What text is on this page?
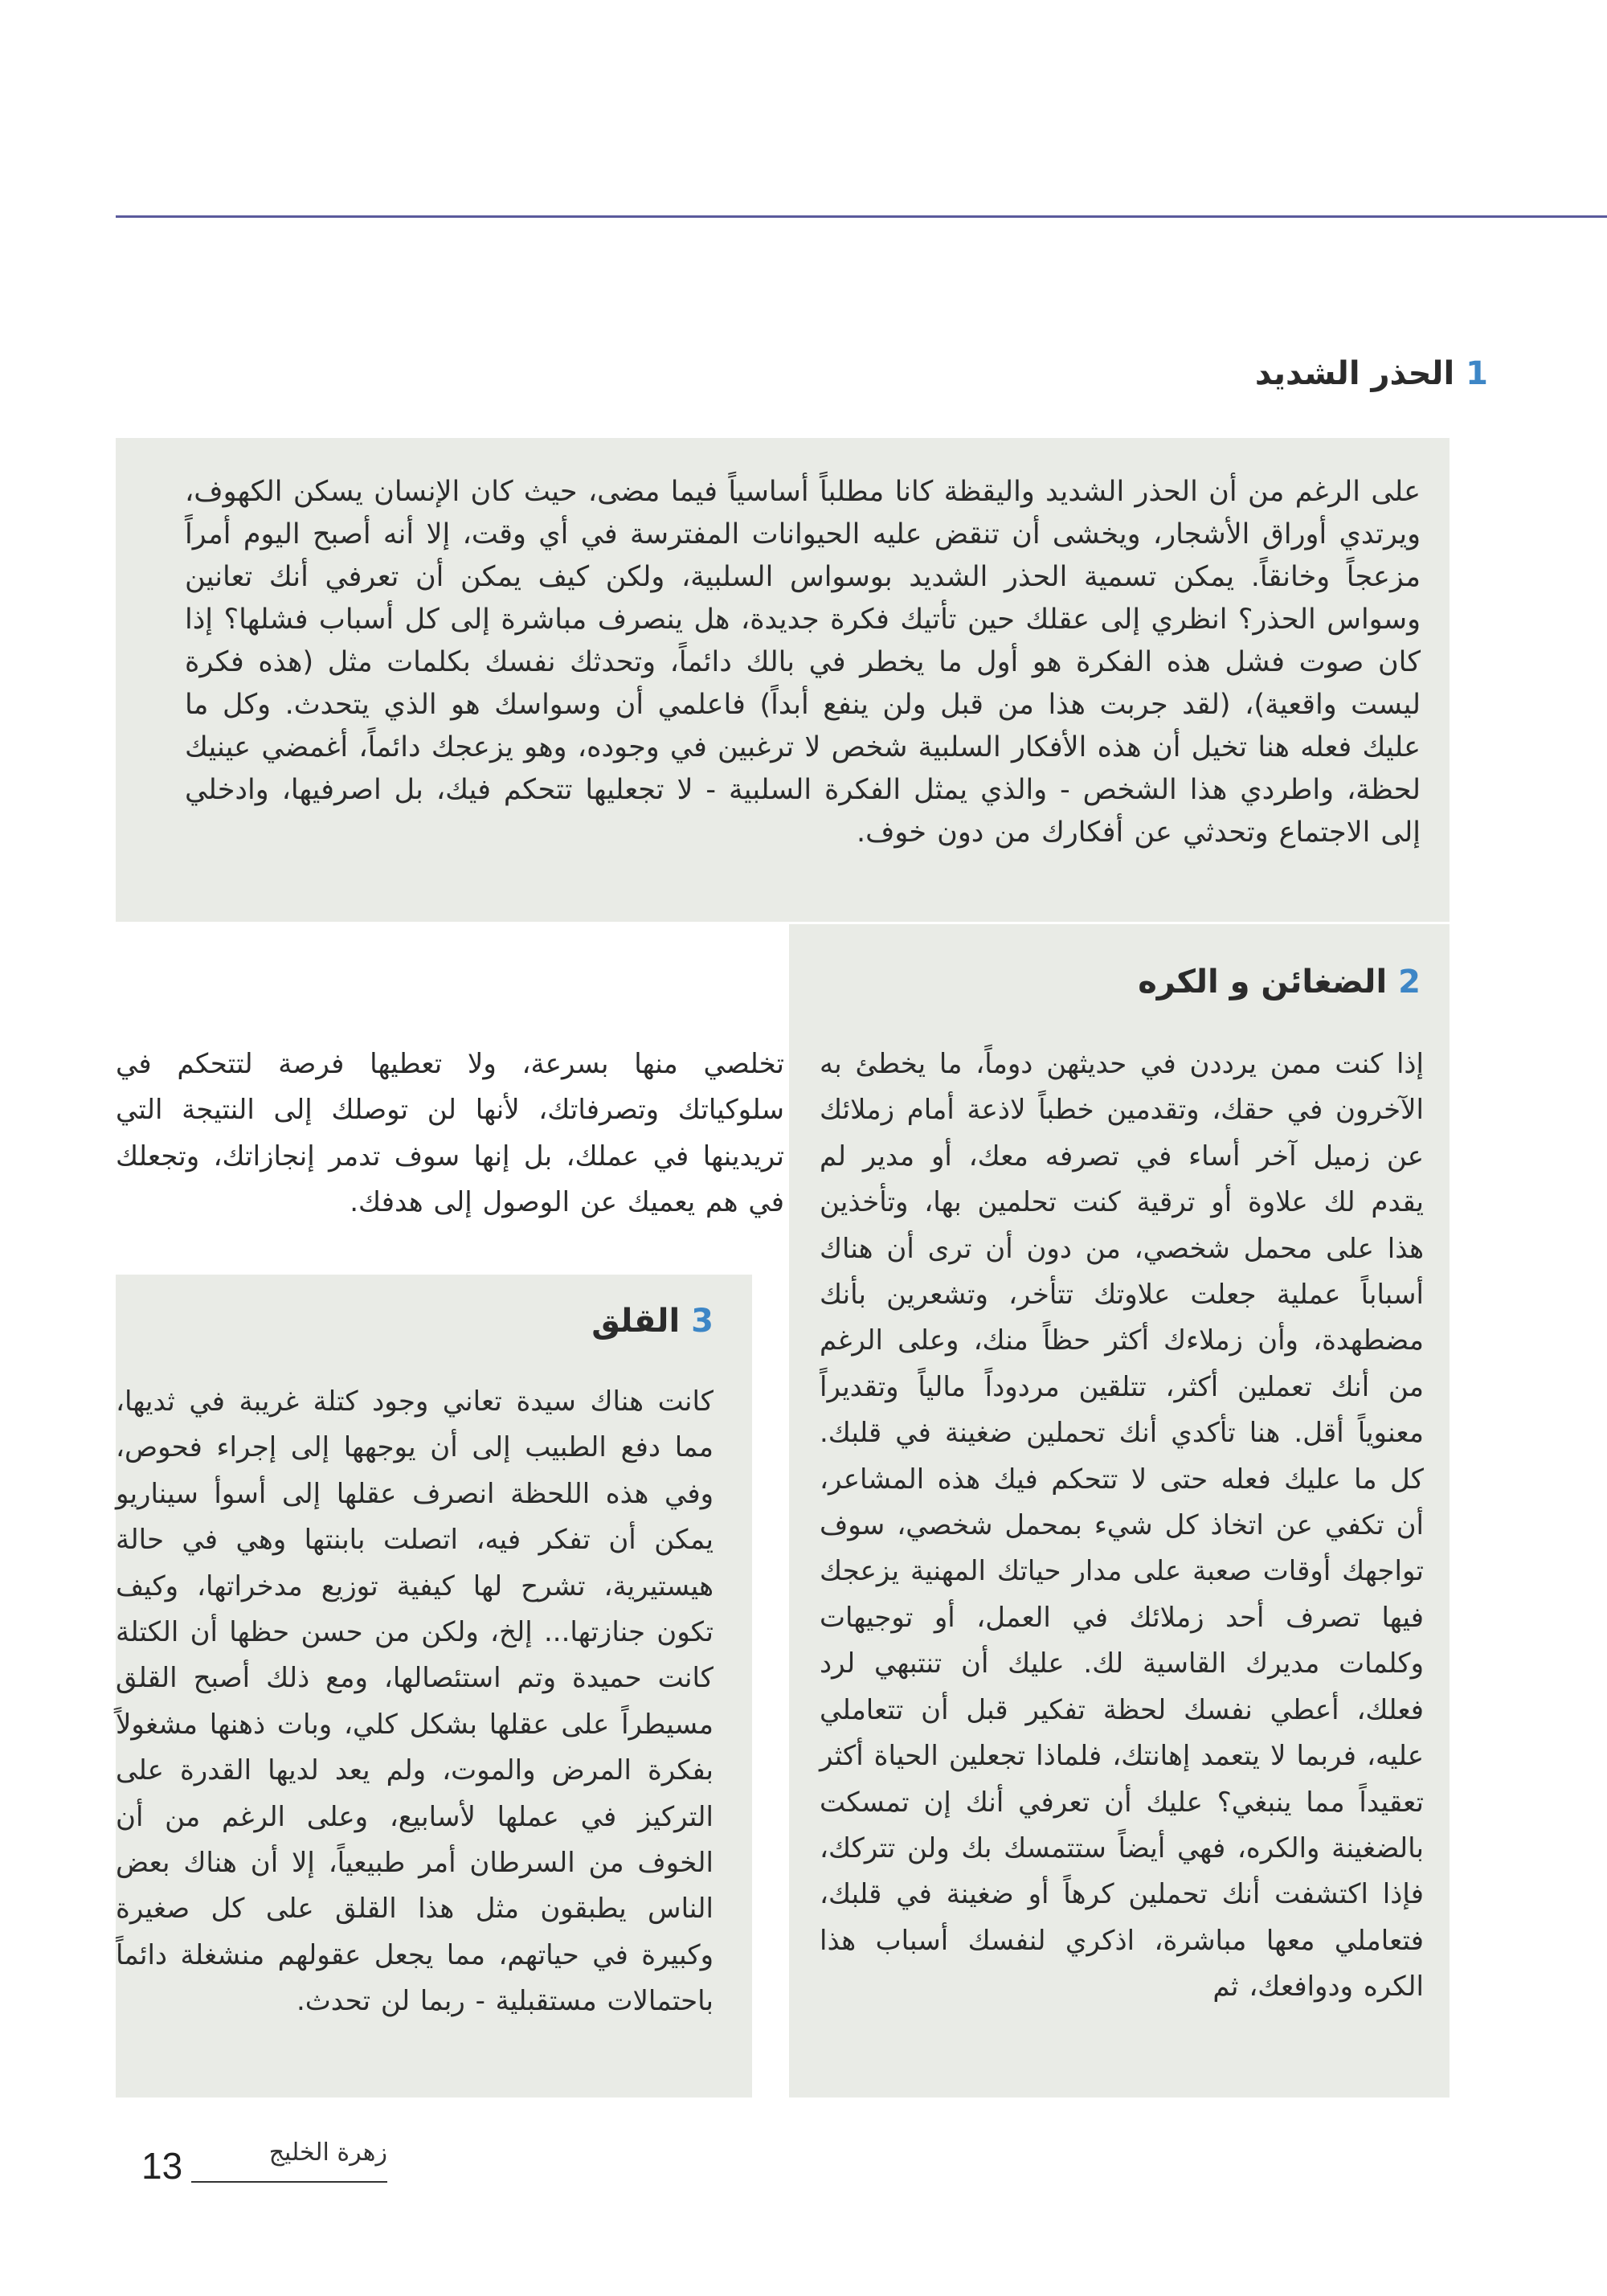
1الحذر الشديد
على الرغم من أن الحذر الشديد واليقظة كانا مطلباً أساسياً فيما مضى، حيث كان الإنسان يسكن الكهوف، ويرتدي أوراق الأشجار، ويخشى أن تنقض عليه الحيوانات المفترسة في أي وقت، إلا أنه أصبح اليوم أمراً مزعجاً وخانقاً. يمكن تسمية الحذر الشديد بوسواس السلبية، ولكن كيف يمكن أن تعرفي أنك تعانين وسواس الحذر؟ انظري إلى عقلك حين تأتيك فكرة جديدة، هل ينصرف مباشرة إلى كل أسباب فشلها؟ إذا كان صوت فشل هذه الفكرة هو أول ما يخطر في بالك دائماً، وتحدثك نفسك بكلمات مثل (هذه فكرة ليست واقعية)، (لقد جربت هذا من قبل ولن ينفع أبداً) فاعلمي أن وسواسك هو الذي يتحدث. وكل ما عليك فعله هنا تخيل أن هذه الأفكار السلبية شخص لا ترغبين في وجوده، وهو يزعجك دائماً، أغمضي عينيك لحظة، واطردي هذا الشخص - والذي يمثل الفكرة السلبية - لا تجعليها تتحكم فيك، بل اصرفيها، وادخلي إلى الاجتماع وتحدثي عن أفكارك من دون خوف.
2الضغائن و الكره
إذا كنت ممن يرددن في حديثهن دوماً، ما يخطئ به الآخرون في حقك، وتقدمين خطباً لاذعة أمام زملائك عن زميل آخر أساء في تصرفه معك، أو مدير لم يقدم لك علاوة أو ترقية كنت تحلمين بها، وتأخذين هذا على محمل شخصي، من دون أن ترى أن هناك أسباباً عملية جعلت علاوتك تتأخر، وتشعرين بأنك مضطهدة، وأن زملاءك أكثر حظاً منك، وعلى الرغم من أنك تعملين أكثر، تتلقين مردوداً مالياً وتقديراً معنوياً أقل. هنا تأكدي أنك تحملين ضغينة في قلبك. كل ما عليك فعله حتى لا تتحكم فيك هذه المشاعر، أن تكفي عن اتخاذ كل شيء بمحمل شخصي، سوف تواجهك أوقات صعبة على مدار حياتك المهنية يزعجك فيها تصرف أحد زملائك في العمل، أو توجيهات وكلمات مديرك القاسية لك. عليك أن تنتبهي لرد فعلك، أعطي نفسك لحظة تفكير قبل أن تتعاملي عليه، فربما لا يتعمد إهانتك، فلماذا تجعلين الحياة أكثر تعقيداً مما ينبغي؟ عليك أن تعرفي أنك إن تمسكت بالضغينة والكره، فهي أيضاً ستتمسك بك ولن تتركك، فإذا اكتشفت أنك تحملين كرهاً أو ضغينة في قلبك، فتعاملي معها مباشرة، اذكري لنفسك أسباب هذا الكره ودوافعك، ثم
تخلصي منها بسرعة، ولا تعطيها فرصة لتتحكم في سلوكياتك وتصرفاتك، لأنها لن توصلك إلى النتيجة التي تريدينها في عملك، بل إنها سوف تدمر إنجازاتك، وتجعلك في هم يعميك عن الوصول إلى هدفك.
3القلق
كانت هناك سيدة تعاني وجود كتلة غريبة في ثديها، مما دفع الطبيب إلى أن يوجهها إلى إجراء فحوص، وفي هذه اللحظة انصرف عقلها إلى أسوأ سيناريو يمكن أن تفكر فيه، اتصلت بابنتها وهي في حالة هيستيرية، تشرح لها كيفية توزيع مدخراتها، وكيف تكون جنازتها... إلخ، ولكن من حسن حظها أن الكتلة كانت حميدة وتم استئصالها، ومع ذلك أصبح القلق مسيطراً على عقلها بشكل كلي، وبات ذهنها مشغولاً بفكرة المرض والموت، ولم يعد لديها القدرة على التركيز في عملها لأسابيع، وعلى الرغم من أن الخوف من السرطان أمر طبيعياً، إلا أن هناك بعض الناس يطبقون مثل هذا القلق على كل صغيرة وكبيرة في حياتهم، مما يجعل عقولهم منشغلة دائماً باحتمالات مستقبلية - ربما لن تحدث.
13	زهرة الخليج
